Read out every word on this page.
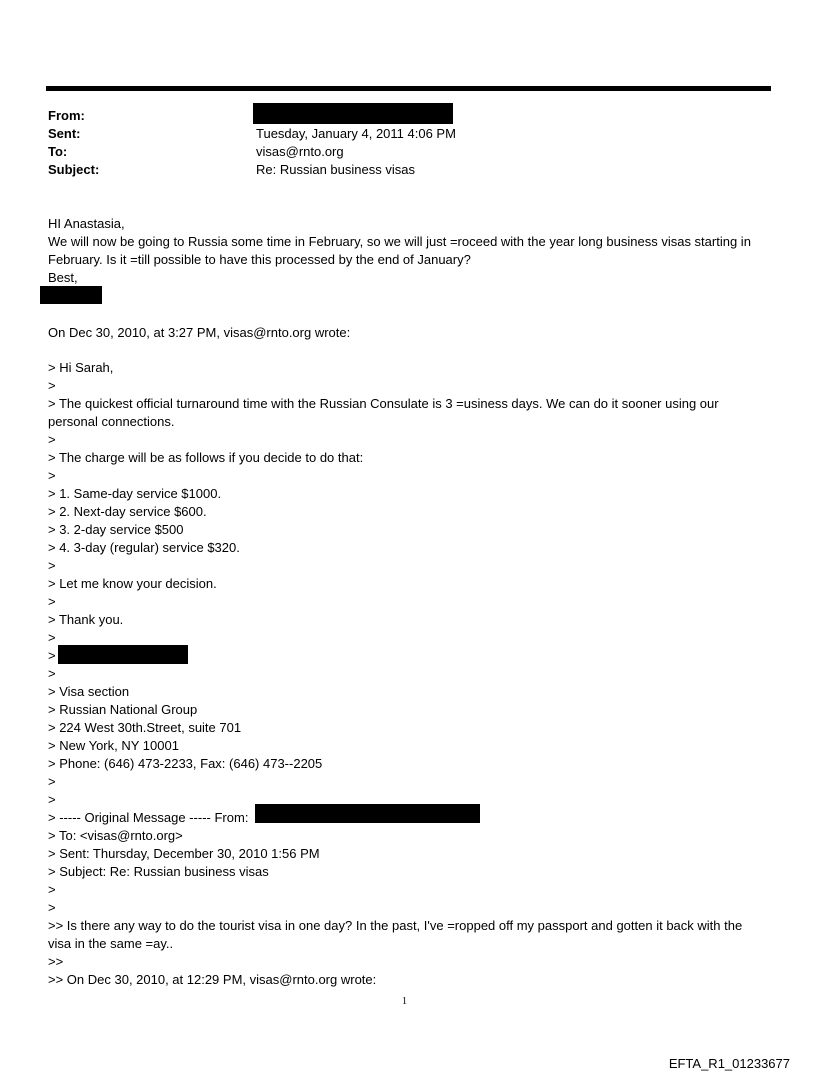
From:
Sent:	Tuesday, January 4, 2011 4:06 PM
To:	visas@rnto.org
Subject:	Re: Russian business visas
HI Anastasia,
We will now be going to Russia some time in February, so we will just =roceed with the year long business visas starting in February. Is it =till possible to have this processed by the end of January?
Best,
On Dec 30, 2010, at 3:27 PM, visas@rnto.org wrote:
> Hi Sarah,
>
> The quickest official turnaround time with the Russian Consulate is 3 =usiness days. We can do it sooner using our personal connections.
>
> The charge will be as follows if you decide to do that:
>
> 1. Same-day service $1000.
> 2. Next-day service $600.
> 3. 2-day service $500
> 4. 3-day (regular) service $320.
>
> Let me know your decision.
>
> Thank you.
>
>
>
> Visa section
> Russian National Group
> 224 West 30th.Street, suite 701
> New York, NY 10001
> Phone: (646) 473-2233, Fax: (646) 473--2205
>
>
> ----- Original Message ----- From:
> To: <visas@rnto.org>
> Sent: Thursday, December 30, 2010 1:56 PM
> Subject: Re: Russian business visas
>
>
>> Is there any way to do the tourist visa in one day? In the past, I've =ropped off my passport and gotten it back with the visa in the same =ay..
>>
>> On Dec 30, 2010, at 12:29 PM, visas@rnto.org wrote:
1
EFTA_R1_01233677
